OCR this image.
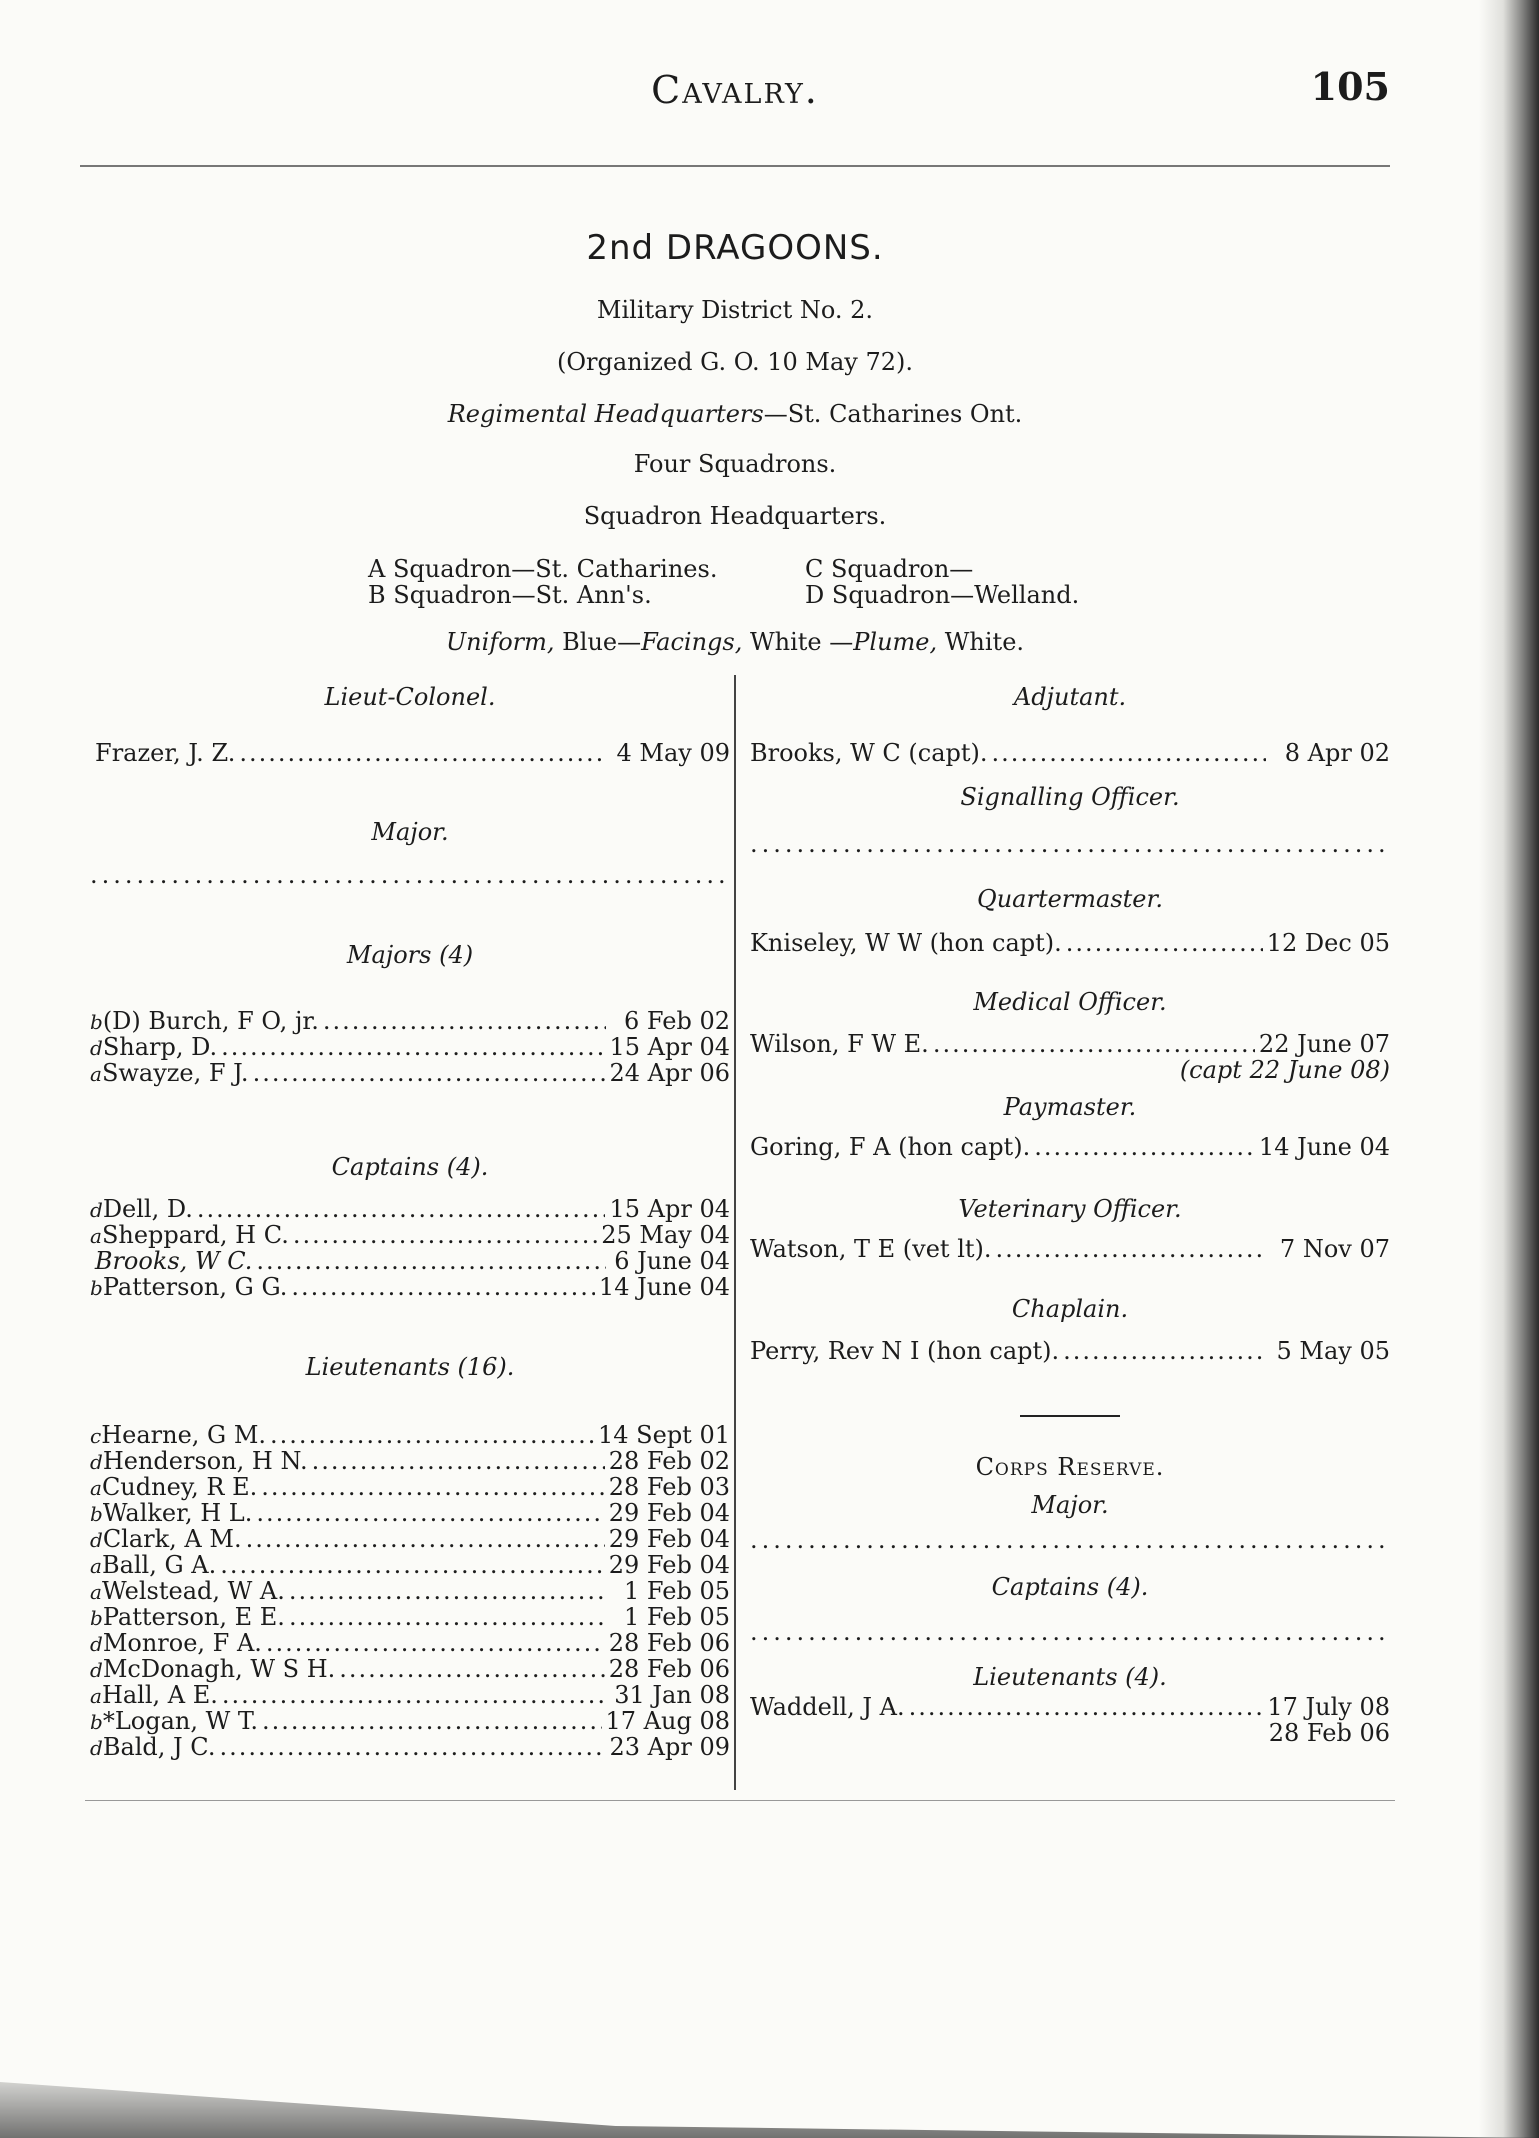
Cavalry.	105
2nd DRAGOONS.
Military District No. 2.
(Organized G. O. 10 May 72).
Regimental Headquarters—St. Catharines Ont.
Four Squadrons.
Squadron Headquarters.
A Squadron—St. Catharines.
B Squadron—St. Ann's.
C Squadron—
D Squadron—Welland.
Uniform, Blue—Facings, White —Plume, White.
Lieut-Colonel.
Frazer, J. Z. .....	4 May 09
Major.
.....
Majors (4)
b (D) Burch, F O, jr. .....	6 Feb 02
d Sharp, D. .....	15 Apr 04
a Swayze, F J. .....	24 Apr 06
Captains (4).
d Dell, D. .....	15 Apr 04
a Sheppard, H C. .....	25 May 04
Brooks, W C. .....	6 June 04
b Patterson, G G. .....	14 June 04
Lieutenants (16).
c Hearne, G M. .....	14 Sept 01
d Henderson, H N. .....	28 Feb 02
a Cudney, R E. .....	28 Feb 03
b Walker, H L. .....	29 Feb 04
d Clark, A M. .....	29 Feb 04
a Ball, G A. .....	29 Feb 04
a Welstead, W A. .....	1 Feb 05
b Patterson, E E. .....	1 Feb 05
d Monroe, F A. .....	28 Feb 06
d McDonagh, W S H. .....	28 Feb 06
a Hall, A E. .....	31 Jan 08
b *Logan, W T. .....	17 Aug 08
d Bald, J C. .....	23 Apr 09
Adjutant.
Brooks, W C (capt). .....	8 Apr 02
Signalling Officer.
.....
Quartermaster.
Kniseley, W W (hon capt). .....	12 Dec 05
Medical Officer.
Wilson, F W E. .....	22 June 07
(capt 22 June 08)
Paymaster.
Goring, F A (hon capt). .....	14 June 04
Veterinary Officer.
Watson, T E (vet lt). .....	7 Nov 07
Chaplain.
Perry, Rev N I (hon capt). .....	5 May 05
Corps Reserve.
Major.
.....
Captains (4).
.....
Lieutenants (4).
Waddell, J A. .....	17 July 08
28 Feb 06
